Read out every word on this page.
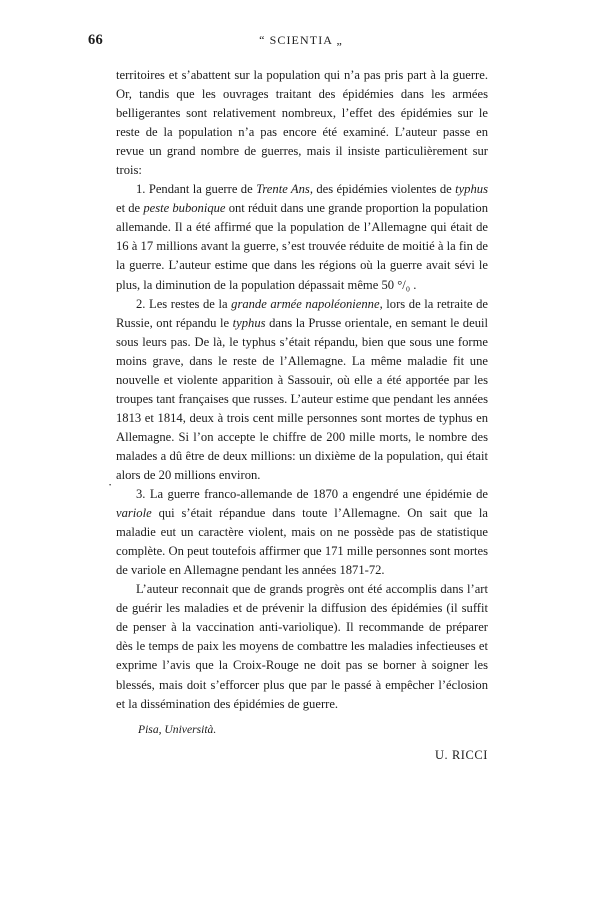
66	“ SCIENTIA „
·

territoires et s’abattent sur la population qui n’a pas pris part à la guerre. Or, tandis que les ouvrages traitant des épidémies dans les armées belligerantes sont relativement nombreux, l’effet des épidémies sur le reste de la population n’a pas encore été examiné. L’auteur passe en revue un grand nombre de guerres, mais il insiste particulièrement sur trois:

1. Pendant la guerre de Trente Ans, des épidémies violentes de typhus et de peste bubonique ont réduit dans une grande proportion la population allemande. Il a été affirmé que la population de l’Allemagne qui était de 16 à 17 millions avant la guerre, s’est trouvée réduite de moitié à la fin de la guerre. L’auteur estime que dans les régions où la guerre avait sévi le plus, la diminution de la population dépassait même 50 °/₀ .

2. Les restes de la grande armée napoléonienne, lors de la retraite de Russie, ont répandu le typhus dans la Prusse orientale, en semant le deuil sous leurs pas. De là, le typhus s’était répandu, bien que sous une forme moins grave, dans le reste de l’Allemagne. La même maladie fit une nouvelle et violente apparition à Sassouir, où elle a été apportée par les troupes tant françaises que russes. L’auteur estime que pendant les années 1813 et 1814, deux à trois cent mille personnes sont mortes de typhus en Allemagne. Si l’on accepte le chiffre de 200 mille morts, le nombre des malades a dû être de deux millions: un dixième de la population, qui était alors de 20 millions environ.

3. La guerre franco-allemande de 1870 a engendré une épidémie de variole qui s’était répandue dans toute l’Allemagne. On sait que la maladie eut un caractère violent, mais on ne possède pas de statistique complète. On peut toutefois affirmer que 171 mille personnes sont mortes de variole en Allemagne pendant les années 1871-72.

L’auteur reconnait que de grands progrès ont été accomplis dans l’art de guérir les maladies et de prévenir la diffusion des épidémies (il suffit de penser à la vaccination anti-variolique). Il recommande de préparer dès le temps de paix les moyens de combattre les maladies infectieuses et exprime l’avis que la Croix-Rouge ne doit pas se borner à soigner les blessés, mais doit s’efforcer plus que par le passé à empêcher l’éclosion et la dissémination des épidémies de guerre.

Pisa, Università.
U. RICCI
